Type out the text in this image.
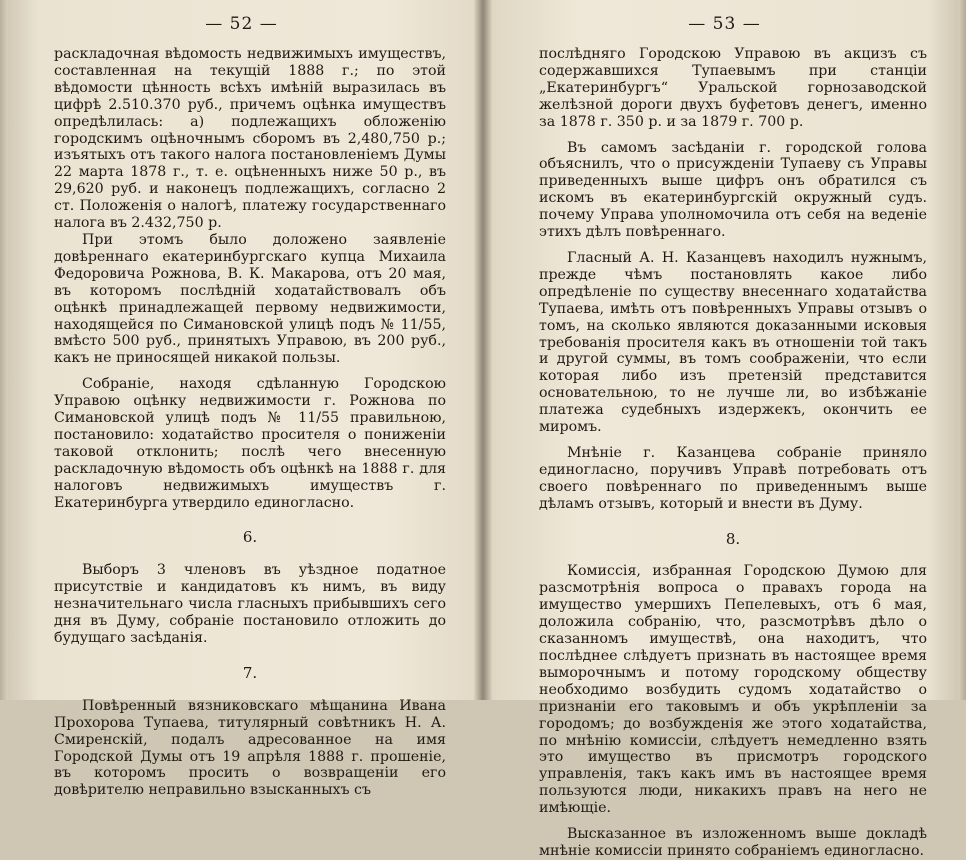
— 52 —

раскладочная вѣдомость недвижимыхъ имуществъ, составленная на текущiй 1888 г.; по этой вѣдомости цѣнность всѣхъ имѣнiй выразилась въ цифрѣ 2.510.370 руб., причемъ оцѣнка имуществъ опредѣлилась: а) подлежащихъ обложенiю городскимъ оцѣночнымъ сборомъ въ 2,480,750 р.; изъятыхъ отъ такого налога постановленiемъ Думы 22 марта 1878 г., т. е. оцѣненныхъ ниже 50 р., въ 29,620 руб. и наконецъ подлежащихъ, согласно 2 ст. Положенiя о налогѣ, платежу государственнаго налога въ 2.432,750 р.

При этомъ было доложено заявленiе довѣреннаго екатеринбургскаго купца Михаила Федоровича Рожнова, В. К. Макарова, отъ 20 мая, въ которомъ послѣднiй ходатайствовалъ объ оцѣнкѣ принадлежащей первому недвижимости, находящейся по Симановской улицѣ подъ № 11/55, вмѣсто 500 руб., принятыхъ Управою, въ 200 руб., какъ не приносящей никакой пользы.

Собранiе, находя сдѣланную Городскою Управою оцѣнку недвижимости г. Рожнова по Симановской улицѣ подъ № 11/55 правильною, постановило: ходатайство просителя о пониженiи таковой отклонить; послѣ чего внесенную раскладочную вѣдомость объ оцѣнкѣ на 1888 г. для налоговъ недвижимыхъ имуществъ г. Екатеринбурга утвердило единогласно.

6.

Выборъ 3 членовъ въ уѣздное податное присутствiе и кандидатовъ къ нимъ, въ виду незначительнаго числа гласныхъ прибывшихъ сего дня въ Думу, собранiе постановило отложить до будущаго засѣданiя.

7.

Повѣренный вязниковскаго мѣщанина Ивана Прохорова Тупаева, титулярный совѣтникъ Н. А. Смиренскiй, подалъ адресованное на имя Городской Думы отъ 19 апрѣля 1888 г. прошенiе, въ которомъ просить о возвращенiи его довѣрителю неправильно взысканныхъ съ

— 53 —

послѣдняго Городскою Управою въ акцизъ съ содержавшихся Тупаевымъ при станцiи „Екатеринбургъ“ Уральской горнозаводской желѣзной дороги двухъ буфетовъ денегъ, именно за 1878 г. 350 р. и за 1879 г. 700 р.

Въ самомъ засѣданiи г. городской голова объяснилъ, что о присужденiи Тупаеву съ Управы приведенныхъ выше цифръ онъ обратился съ искомъ въ екатеринбургскiй окружный судъ. почему Управа уполномочила отъ себя на веденiе этихъ дѣлъ повѣреннаго.

Гласный А. Н. Казанцевъ находилъ нужнымъ, прежде чѣмъ постановлять какое либо опредѣленiе по существу внесеннаго ходатайства Тупаева, имѣть отъ повѣренныхъ Управы отзывъ о томъ, на сколько являются доказанными исковыя требованiя просителя какъ въ отношенiи той такъ и другой суммы, въ томъ соображенiи, что если которая либо изъ претензiй представится основательною, то не лучше ли, во избѣжанiе платежа судебныхъ издержекъ, окончить ее миромъ.

Мнѣнiе г. Казанцева собранiе приняло единогласно, поручивъ Управѣ потребовать отъ своего повѣреннаго по приведеннымъ выше дѣламъ отзывъ, который и внести въ Думу.

8.

Комиссiя, избранная Городскою Думою для разсмотрѣнiя вопроса о правахъ города на имущество умершихъ Пепелевыхъ, отъ 6 мая, доложила собранiю, что, разсмотрѣвъ дѣло о сказанномъ имуществѣ, она находитъ, что послѣднее слѣдуетъ признать въ настоящее время выморочнымъ и потому городскому обществу необходимо возбудить судомъ ходатайство о признанiи его таковымъ и объ укрѣпленiи за городомъ; до возбужденiя же этого ходатайства, по мнѣнiю комиссiи, слѣдуетъ немедленно взять это имущество въ присмотръ городского управленiя, такъ какъ имъ въ настоящее время пользуются люди, никакихъ правъ на него не имѣющiе.

Высказанное въ изложенномъ выше докладѣ мнѣнiе комиссiи принято собранiемъ единогласно.
